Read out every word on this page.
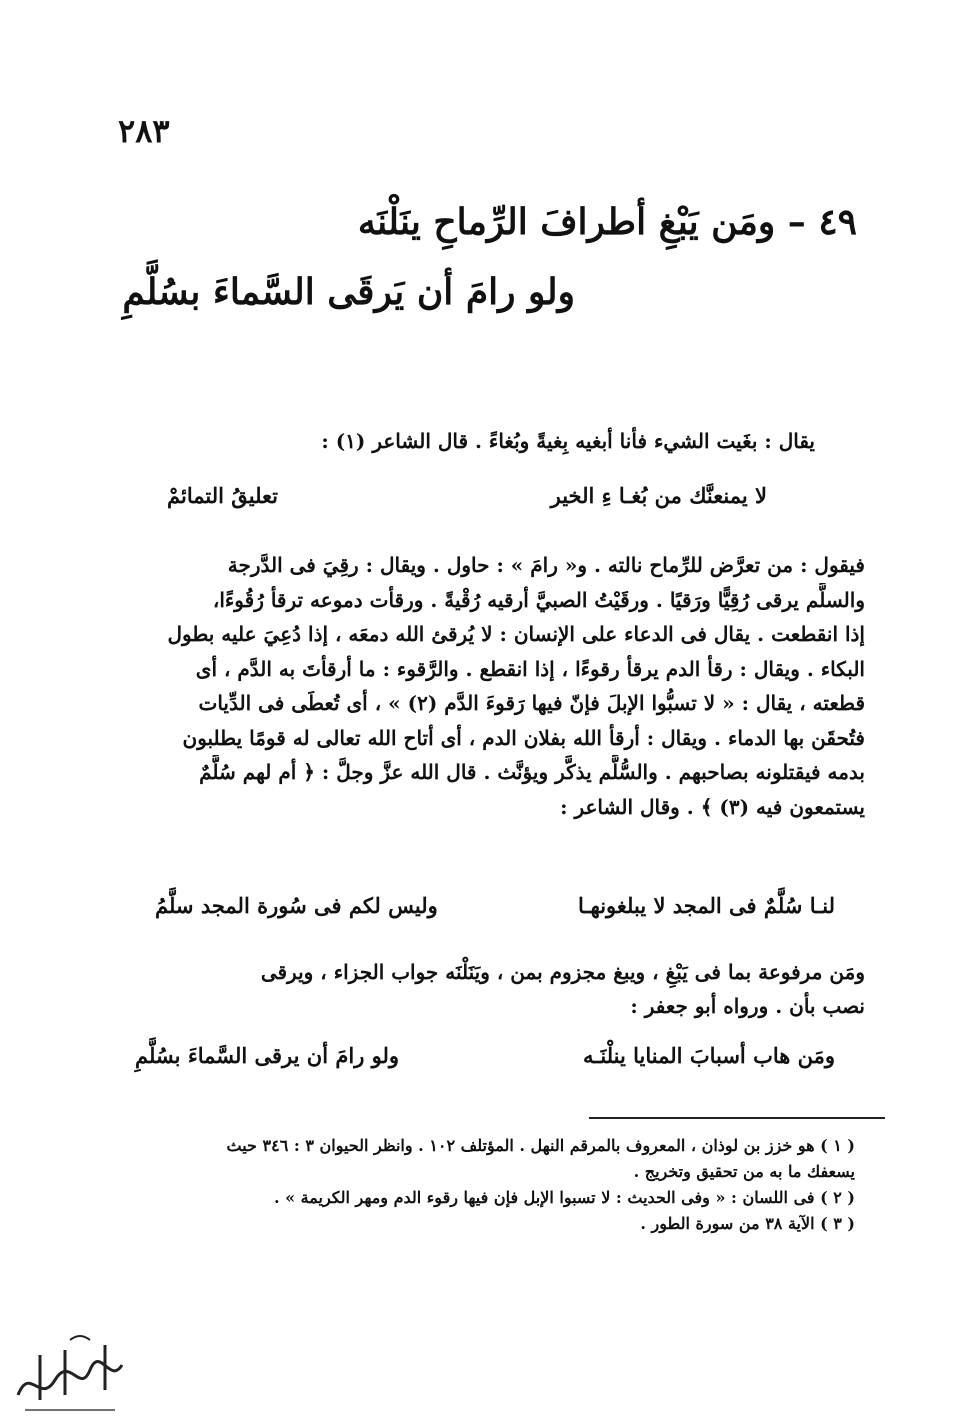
٢٨٣
٤٩ – ومَن يَبْغِ أطرافَ الرِّماحِ ينَلْنَه
ولو رامَ أن يَرقَى السَّماءَ بسُلَّمِ
يقال : بغَيت الشيء فأنا أبغيه بِغيةً وبُغاءً . قال الشاعر (١) :
لا يمنعنَّك من بُغـا ءِ الخير
تعليقُ التمائمْ
فيقول : من تعرَّض للرِّماح نالته . و« رامَ » : حاول . ويقال : رقِيَ فى الدَّرجة
والسلَّم يرقى رُقِيًّا ورَقيًا . ورقَيْتُ الصبيَّ أرقيه رُقْيةً . ورقأت دموعه ترقأ رُقُوءًا،
إذا انقطعت . يقال فى الدعاء على الإنسان : لا يُرقئ الله دمعَه ، إذا دُعِيَ عليه بطول
البكاء . ويقال : رقأ الدم يرقأ رقوءًا ، إذا انقطع . والرَّقوء : ما أرقأتَ به الدَّم ، أى
قطعته ، يقال : « لا تسبُّوا الإبلَ فإنّ فيها رَقوءَ الدَّم (٢) » ، أى تُعطَى فى الدِّيات
فتُحقَن بها الدماء . ويقال : أرقأ الله بفلان الدم ، أى أتاح الله تعالى له قومًا يطلبون
بدمه فيقتلونه بصاحبهم . والسُّلَّم يذكَّر ويؤنَّث . قال الله عزَّ وجلَّ : ﴿ أم لهم سُلَّمٌ
يستمعون فيه (٣) ﴾ . وقال الشاعر :
لنـا سُلَّمٌ فى المجد لا يبلغونهـا
وليس لكم فى سُورة المجد سلَّمُ
ومَن مرفوعة بما فى يَبْغِ ، ويبغ مجزوم بمن ، ويَنَلْنَه جواب الجزاء ، ويرقى
نصب بأن . ورواه أبو جعفر :
ومَن هاب أسبابَ المنايا ينلْنَـه
ولو رامَ أن يرقى السَّماءَ بسُلَّمِ
( ١ ) هو خزز بن لوذان ، المعروف بالمرقم النهل . المؤتلف ١٠٢ . وانظر الحيوان ٣ : ٣٤٦ حيث
يسعفك ما به من تحقيق وتخريج .
( ٢ ) فى اللسان : « وفى الحديث : لا تسبوا الإبل فإن فيها رقوء الدم ومهر الكريمة » .
( ٣ ) الآية ٣٨ من سورة الطور .
